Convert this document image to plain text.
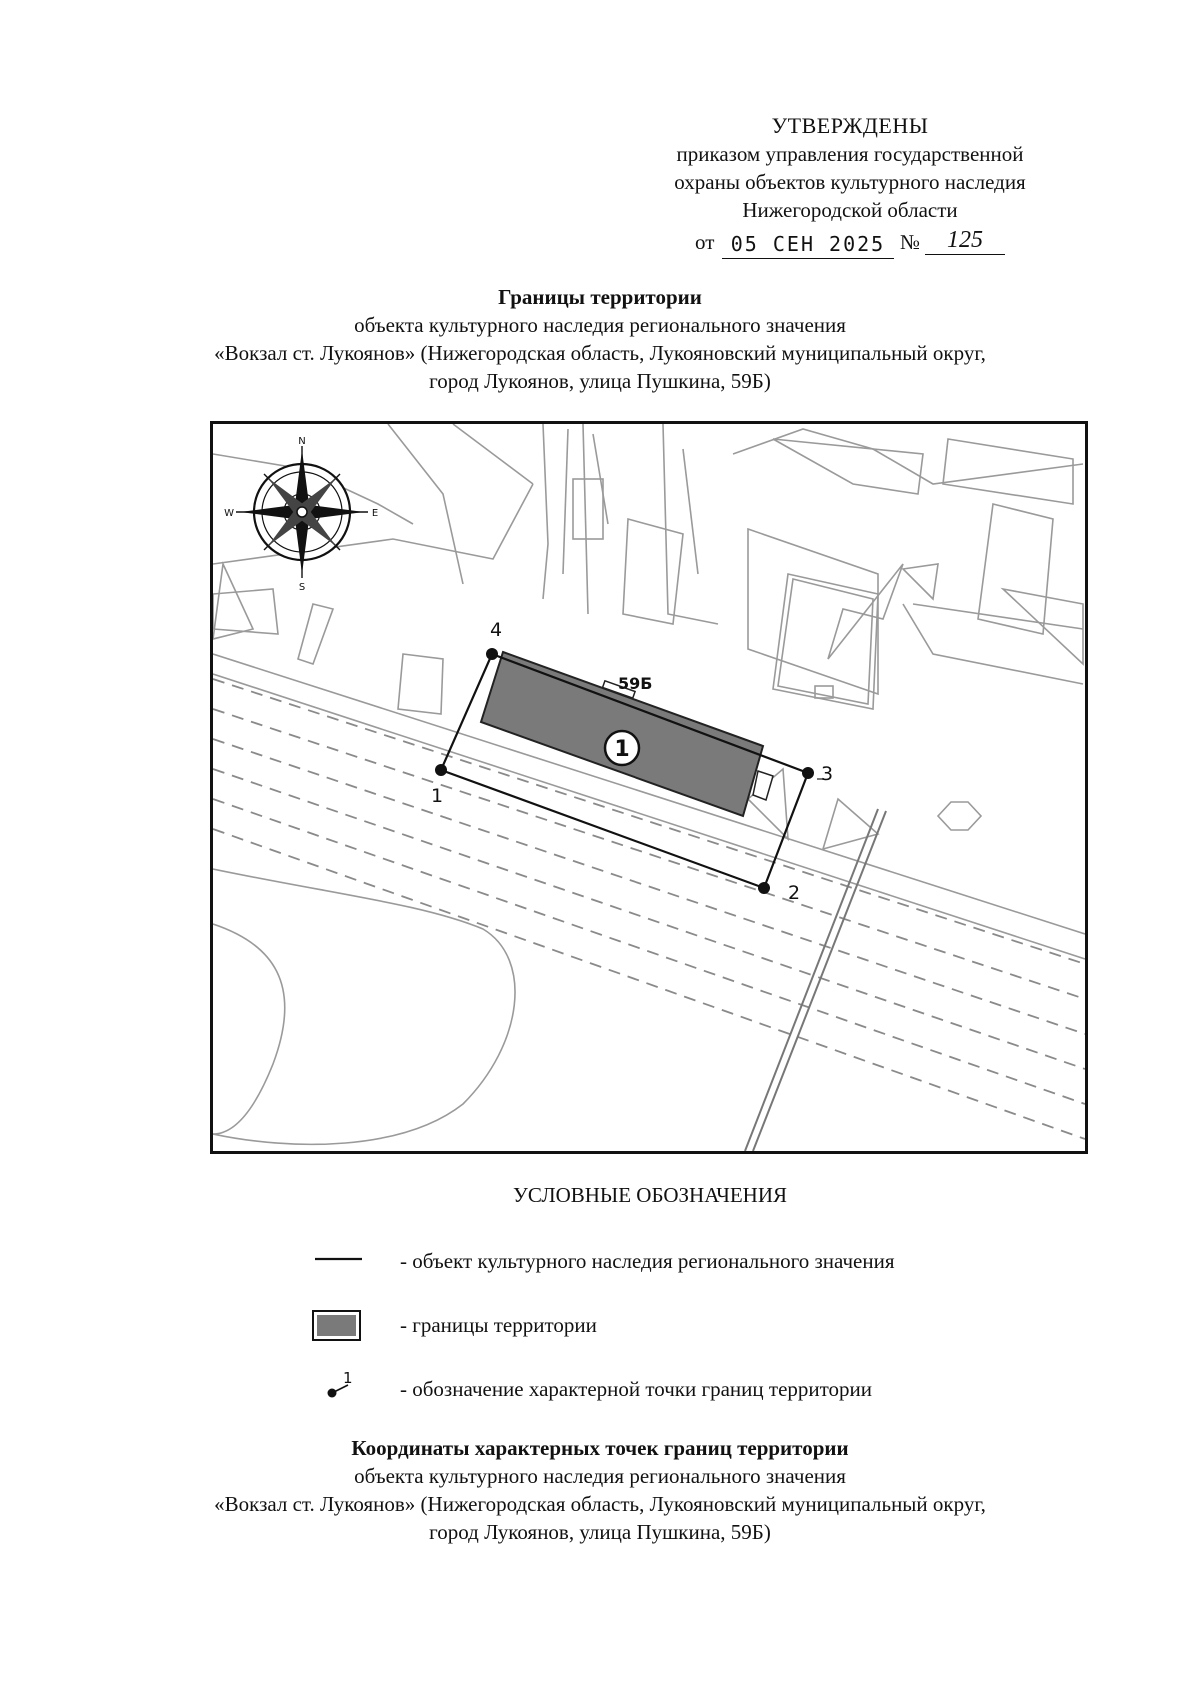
УТВЕРЖДЕНЫ
приказом управления государственной
охраны объектов культурного наследия
Нижегородской области
от 05 СЕН 2025 №	125
Границы территории
объекта культурного наследия регионального значения
«Вокзал ст. Лукоянов» (Нижегородская область, Лукояновский муниципальный округ,
город Лукоянов, улица Пушкина, 59Б)
1
2
3
4
59Б
1
N
S
E
W
УСЛОВНЫЕ ОБОЗНАЧЕНИЯ
- объект культурного наследия регионального значения
- границы территории
1 - обозначение характерной точки границ территории
Координаты характерных точек границ территории
объекта культурного наследия регионального значения
«Вокзал ст. Лукоянов» (Нижегородская область, Лукояновский муниципальный округ,
город Лукоянов, улица Пушкина, 59Б)
